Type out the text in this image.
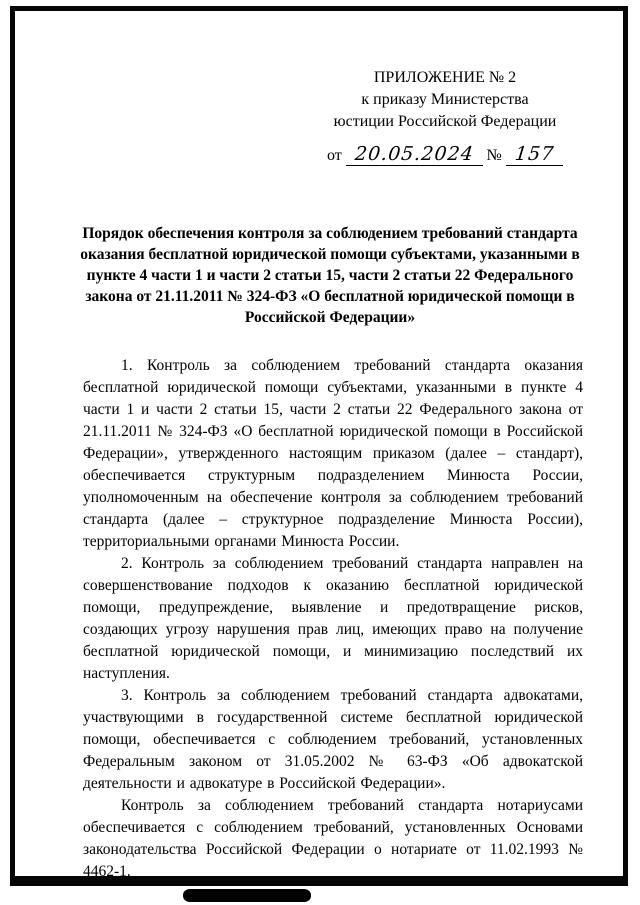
ПРИЛОЖЕНИЕ № 2
к приказу Министерства
юстиции Российской Федерации
от 20.05.2024 № 157
Порядок обеспечения контроля за соблюдением требований стандарта оказания бесплатной юридической помощи субъектами, указанными в пункте 4 части 1 и части 2 статьи 15, части 2 статьи 22 Федерального закона от 21.11.2011 № 324-ФЗ «О бесплатной юридической помощи в Российской Федерации»

1. Контроль за соблюдением требований стандарта оказания бесплатной юридической помощи субъектами, указанными в пункте 4 части 1 и части 2 статьи 15, части 2 статьи 22 Федерального закона от 21.11.2011 № 324-ФЗ «О бесплатной юридической помощи в Российской Федерации», утвержденного настоящим приказом (далее – стандарт), обеспечивается структурным подразделением Минюста России, уполномоченным на обеспечение контроля за соблюдением требований стандарта (далее – структурное подразделение Минюста России), территориальными органами Минюста России.

2. Контроль за соблюдением требований стандарта направлен на совершенствование подходов к оказанию бесплатной юридической помощи, предупреждение, выявление и предотвращение рисков, создающих угрозу нарушения прав лиц, имеющих право на получение бесплатной юридической помощи, и минимизацию последствий их наступления.

3. Контроль за соблюдением требований стандарта адвокатами, участвующими в государственной системе бесплатной юридической помощи, обеспечивается с соблюдением требований, установленных Федеральным законом от 31.05.2002 № 63-ФЗ «Об адвокатской деятельности и адвокатуре в Российской Федерации».

Контроль за соблюдением требований стандарта нотариусами обеспечивается с соблюдением требований, установленных Основами законодательства Российской Федерации о нотариате от 11.02.1993 № 4462-1.
